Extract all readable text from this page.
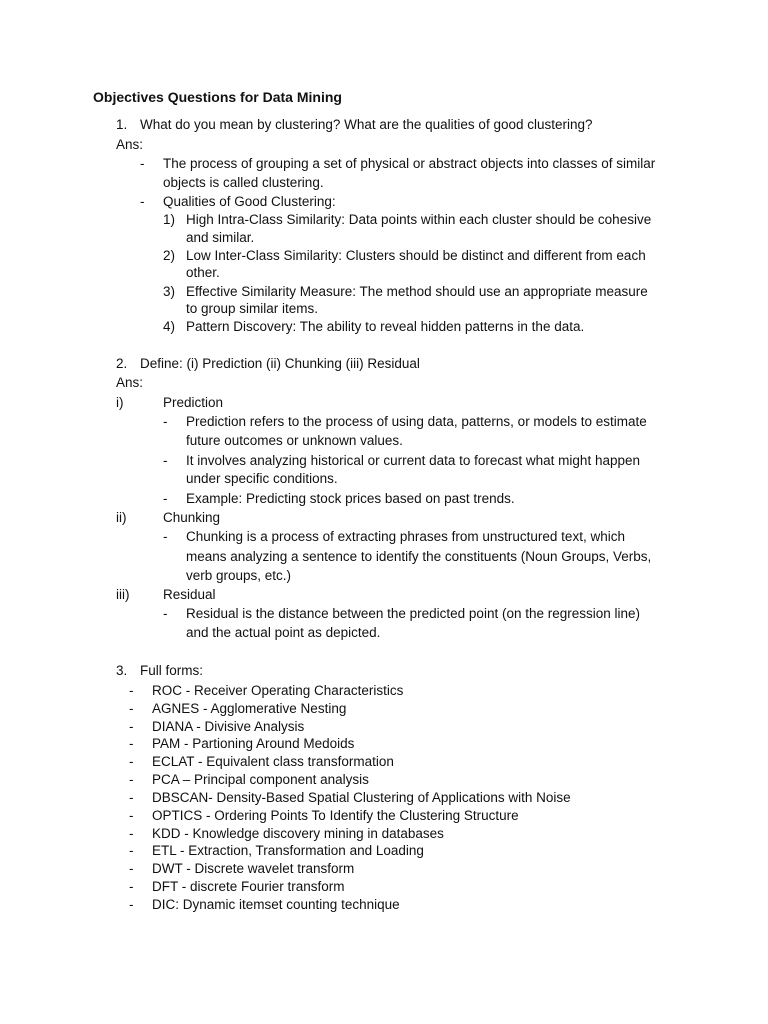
Objectives Questions for Data Mining
1. What do you mean by clustering? What are the qualities of good clustering?
Ans:
- The process of grouping a set of physical or abstract objects into classes of similar
objects is called clustering.
- Qualities of Good Clustering:
1) High Intra-Class Similarity: Data points within each cluster should be cohesive
and similar.
2) Low Inter-Class Similarity: Clusters should be distinct and different from each
other.
3) Effective Similarity Measure: The method should use an appropriate measure
to group similar items.
4) Pattern Discovery: The ability to reveal hidden patterns in the data.
2. Define: (i) Prediction (ii) Chunking (iii) Residual
Ans:
i)	Prediction
- Prediction refers to the process of using data, patterns, or models to estimate
future outcomes or unknown values.
- It involves analyzing historical or current data to forecast what might happen
under specific conditions.
- Example: Predicting stock prices based on past trends.
ii)	Chunking
- Chunking is a process of extracting phrases from unstructured text, which
means analyzing a sentence to identify the constituents (Noun Groups, Verbs,
verb groups, etc.)
iii) Residual
- Residual is the distance between the predicted point (on the regression line)
and the actual point as depicted.
3. Full forms:
- ROC - Receiver Operating Characteristics
- AGNES - Agglomerative Nesting
- DIANA - Divisive Analysis
- PAM - Partioning Around Medoids
- ECLAT - Equivalent class transformation
- PCA – Principal component analysis
- DBSCAN- Density-Based Spatial Clustering of Applications with Noise
- OPTICS - Ordering Points To Identify the Clustering Structure
- KDD - Knowledge discovery mining in databases
- ETL - Extraction, Transformation and Loading
- DWT - Discrete wavelet transform
- DFT - discrete Fourier transform
- DIC: Dynamic itemset counting technique
